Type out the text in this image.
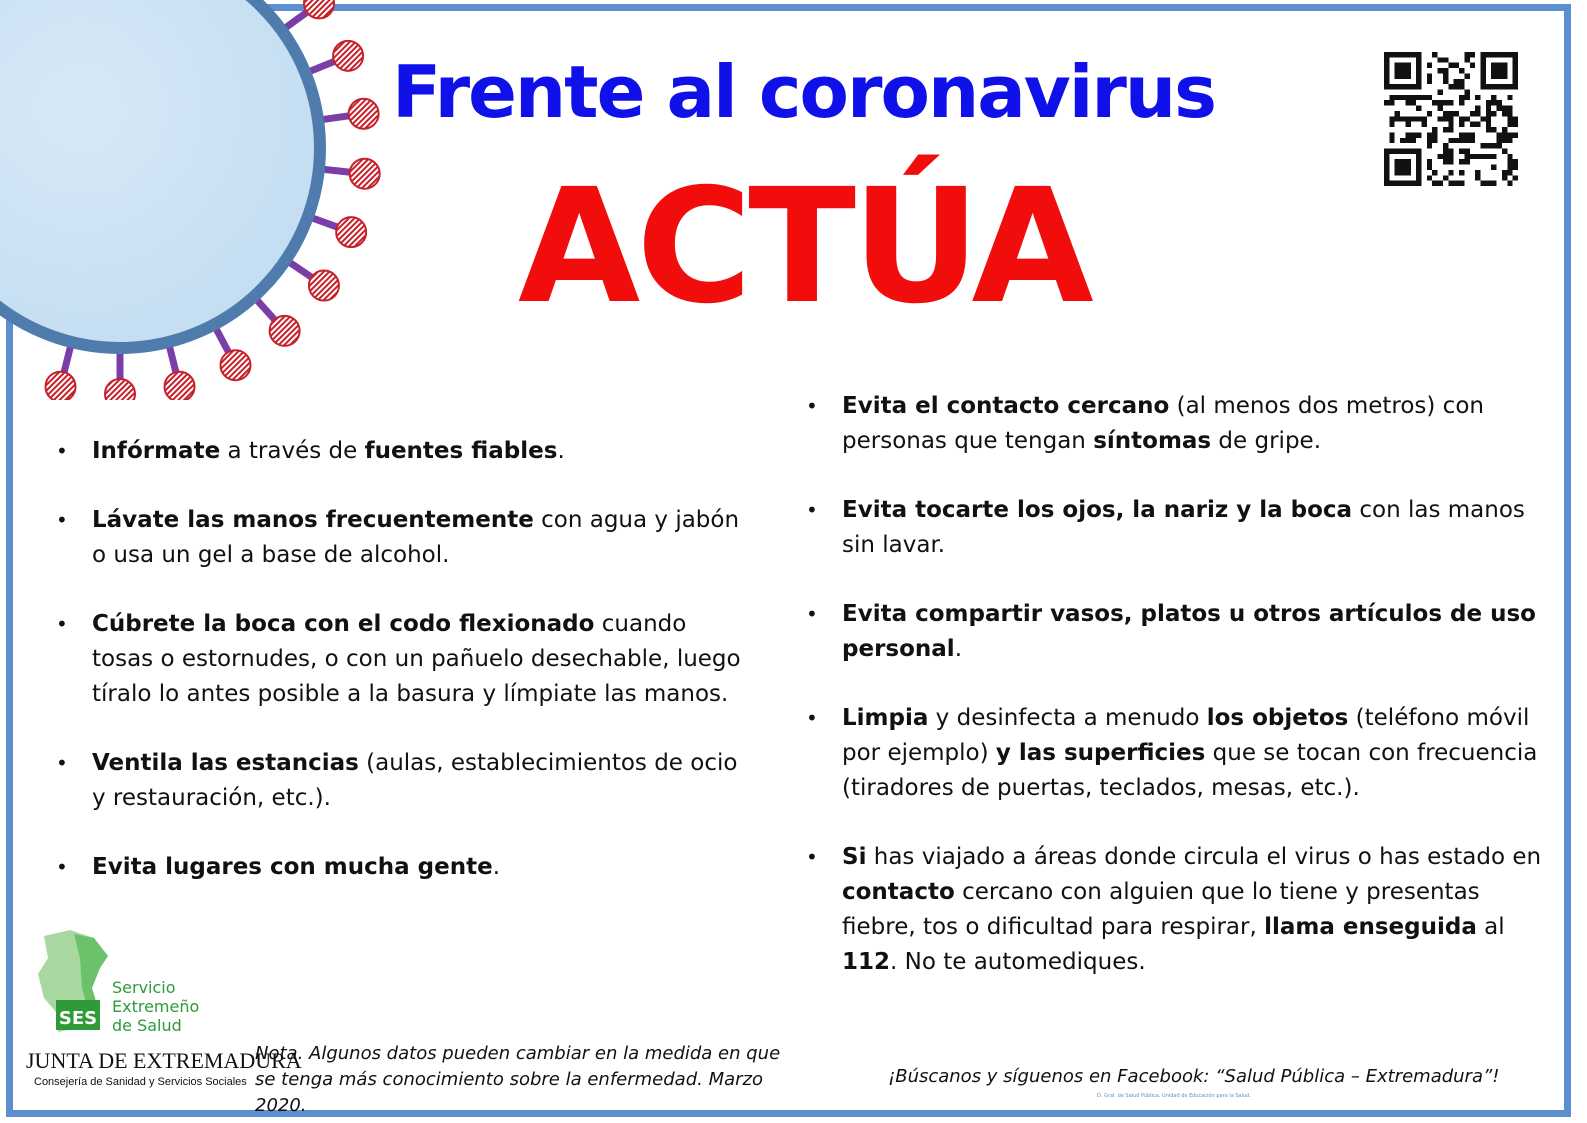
Frente al coronavirus
ACTÚA
• Infórmate a través de fuentes fiables.
• Lávate las manos frecuentemente con agua y jabón o usa un gel a base de alcohol.
• Cúbrete la boca con el codo flexionado cuando tosas o estornudes, o con un pañuelo desechable, luego tíralo lo antes posible a la basura y límpiate las manos.
• Ventila las estancias (aulas, establecimientos de ocio y restauración, etc.).
• Evita lugares con mucha gente.
• Evita el contacto cercano (al menos dos metros) con personas que tengan síntomas de gripe.
• Evita tocarte los ojos, la nariz y la boca con las manos sin lavar.
• Evita compartir vasos, platos u otros artículos de uso personal.
• Limpia y desinfecta a menudo los objetos (teléfono móvil por ejemplo) y las superficies que se tocan con frecuencia (tiradores de puertas, teclados, mesas, etc.).
• Si has viajado a áreas donde circula el virus o has estado en contacto cercano con alguien que lo tiene y presentas fiebre, tos o dificultad para respirar, llama enseguida al 112. No te automediques.
SES
Servicio
Extremeño
de Salud
JUNTA DE EXTREMADURA
Consejería de Sanidad y Servicios Sociales
Nota. Algunos datos pueden cambiar en la medida en que se tenga más conocimiento sobre la enfermedad. Marzo 2020.
¡Búscanos y síguenos en Facebook: “Salud Pública – Extremadura”!
D. Gral. de Salud Pública. Unidad de Educación para la Salud.
